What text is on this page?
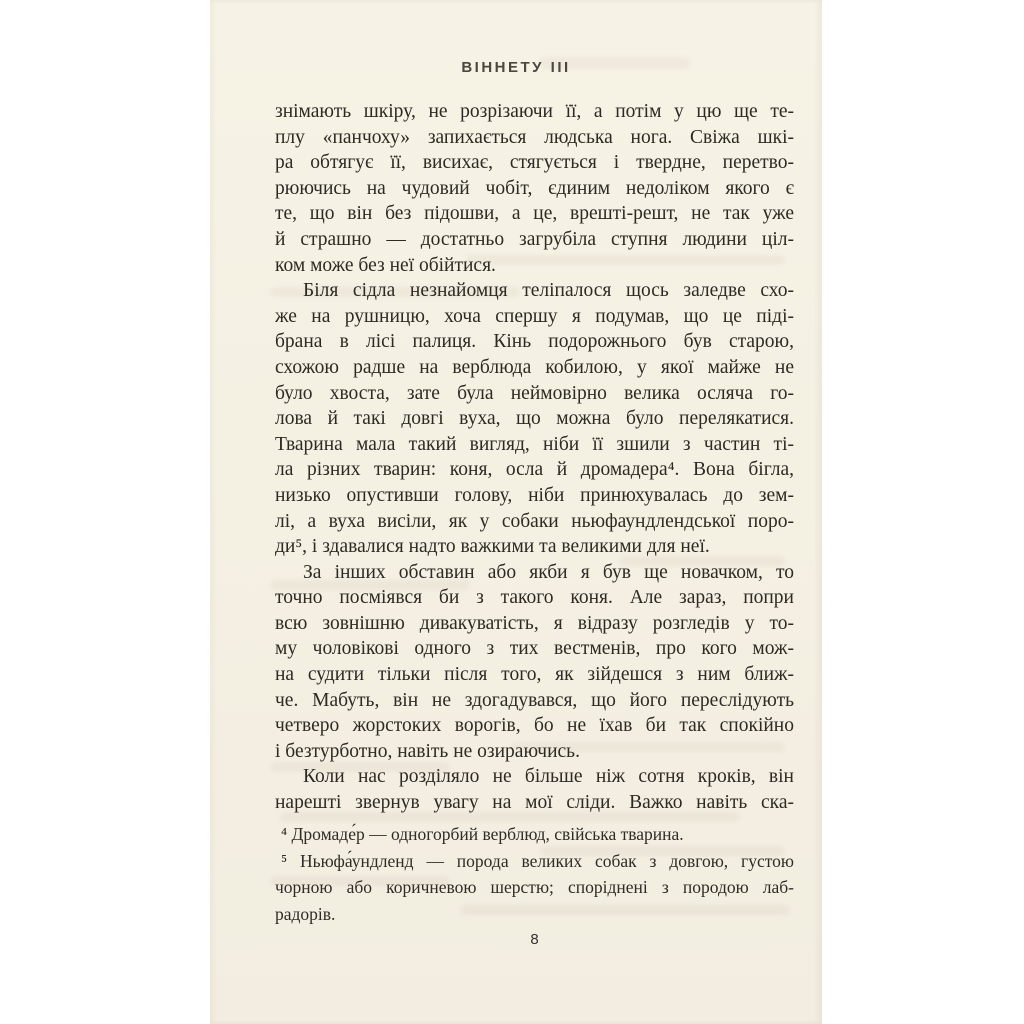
ВІННЕТУ ІІІ
знімають шкіру, не розрізаючи її, а потім у цю ще те-
плу «панчоху» запихається людська нога. Свіжа шкі-
ра обтягує її, висихає, стягується і твердне, перетво-
рюючись на чудовий чобіт, єдиним недоліком якого є
те, що він без підошви, а це, врешті-решт, не так уже
й страшно — достатньо загрубіла ступня людини ціл-
ком може без неї обійтися.
Біля сідла незнайомця теліпалося щось заледве схо-
же на рушницю, хоча спершу я подумав, що це піді-
брана в лісі палиця. Кінь подорожнього був старою,
схожою радше на верблюда кобилою, у якої майже не
було хвоста, зате була неймовірно велика осляча го-
лова й такі довгі вуха, що можна було перелякатися.
Тварина мала такий вигляд, ніби її зшили з частин ті-
ла різних тварин: коня, осла й дромадера⁴. Вона бігла,
низько опустивши голову, ніби принюхувалась до зем-
лі, а вуха висіли, як у собаки ньюфаундлендської поро-
ди⁵, і здавалися надто важкими та великими для неї.
За інших обставин або якби я був ще новачком, то
точно посміявся би з такого коня. Але зараз, попри
всю зовнішню дивакуватість, я відразу розгледів у то-
му чоловікові одного з тих вестменів, про кого мож-
на судити тільки після того, як зійдешся з ним ближ-
че. Мабуть, він не здогадувався, що його переслідують
четверо жорстоких ворогів, бо не їхав би так спокійно
і безтурботно, навіть не озираючись.
Коли нас розділяло не більше ніж сотня кроків, він
нарешті звернув увагу на мої сліди. Важко навіть ска-
⁴ Дромаде́р — одногорбий верблюд, свійська тварина.
⁵ Ньюфа́ундленд — порода великих собак з довгою, густою
чорною або коричневою шерстю; споріднені з породою лаб-
радорів.
8
